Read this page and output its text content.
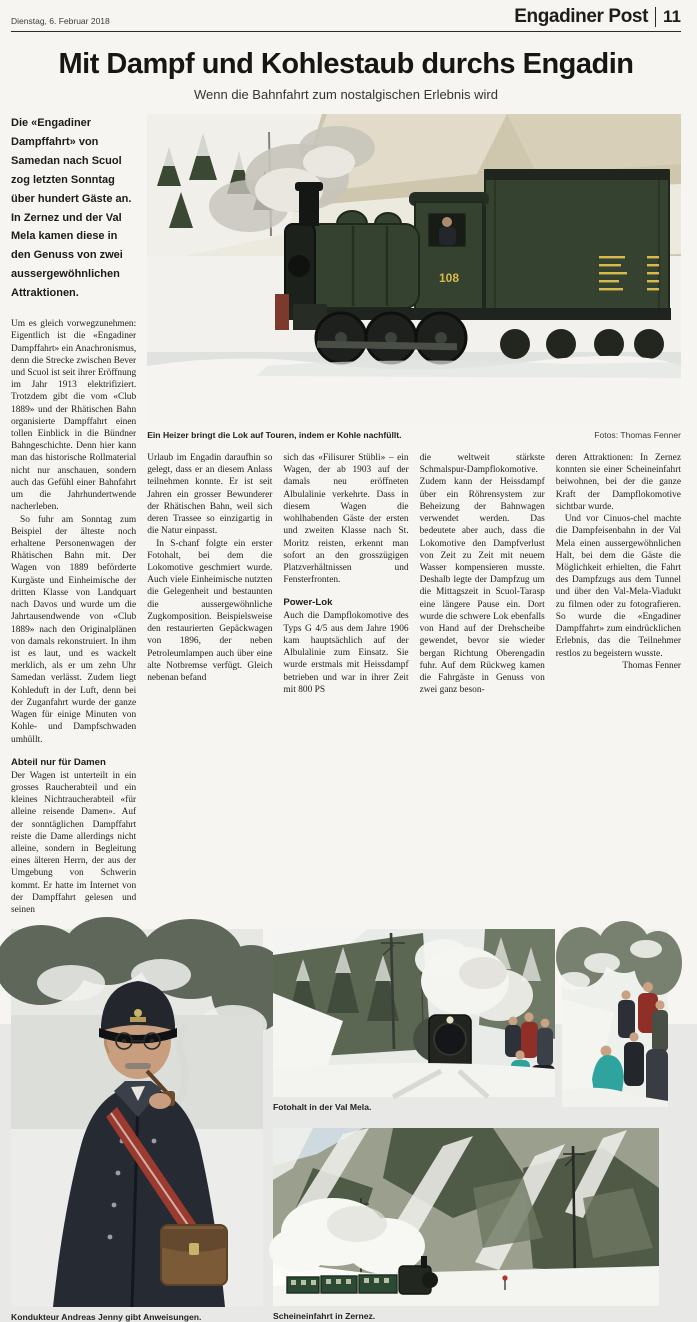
Dienstag, 6. Februar 2018	Engadiner Post 11
Mit Dampf und Kohlestaub durchs Engadin

Wenn die Bahnfahrt zum nostalgischen Erlebnis wird

Die «Engadiner Dampffahrt» von Samedan nach Scuol zog letzten Sonntag über hundert Gäste an. In Zernez und der Val Mela kamen diese in den Genuss von zwei aussergewöhnlichen Attraktionen.

Um es gleich vorwegzunehmen: Eigentlich ist die «Engadiner Dampffahrt» ein Anachronismus, denn die Strecke zwischen Bever und Scuol ist seit ihrer Eröffnung im Jahr 1913 elektrifiziert. Trotzdem gibt die vom «Club 1889» und der Rhätischen Bahn organisierte Dampffahrt einen tollen Einblick in die Bündner Bahngeschichte. Denn hier kann man das historische Rollmaterial nicht nur anschauen, sondern auch das Gefühl einer Bahnfahrt um die Jahrhundertwende nacherleben.

So fuhr am Sonntag zum Beispiel der älteste noch erhaltene Personenwagen der Rhätischen Bahn mit. Der Wagen von 1889 beförderte Kurgäste und Einheimische der dritten Klasse von Landquart nach Davos und wurde um die Jahrtausendwende von «Club 1889» nach den Originalplänen von damals rekonstruiert. In ihm ist es laut, und es wackelt merklich, als er um zehn Uhr Samedan verlässt. Zudem liegt Kohleduft in der Luft, denn bei der Zuganfahrt wurde der ganze Wagen für einige Minuten von Kohle- und Dampfschwaden umhüllt.

Abteil nur für Damen

Der Wagen ist unterteilt in ein grosses Raucherabteil und ein kleines Nichtraucherabteil «für alleine reisende Damen». Auf der sonntäglichen Dampffahrt reiste die Dame allerdings nicht alleine, sondern in Begleitung eines älteren Herrn, der aus der Umgebung von Schwerin kommt. Er hatte im Internet von der Dampffahrt gelesen und seinen

108
Ein Heizer bringt die Lok auf Touren, indem er Kohle nachfüllt.	Fotos: Thomas Fenner

Urlaub im Engadin daraufhin so gelegt, dass er an diesem Anlass teilnehmen konnte. Er ist seit Jahren ein grosser Bewunderer der Rhätischen Bahn, weil sich deren Trassee so einzigartig in die Natur einpasst.

In S-chanf folgte ein erster Fotohalt, bei dem die Lokomotive geschmiert wurde. Auch viele Einheimische nutzten die Gelegenheit und bestaunten die aussergewöhnliche Zugkomposition. Beispielsweise den restaurierten Gepäckwagen von 1896, der neben Petroleumlampen auch über eine alte Notbremse verfügt. Gleich nebenan befand

sich das «Filisurer Stübli» – ein Wagen, der ab 1903 auf der damals neu eröffneten Albulalinie verkehrte. Dass in diesem Wagen die wohlhabenden Gäste der ersten und zweiten Klasse nach St. Moritz reisten, erkennt man sofort an den grosszügigen Platzverhältnissen und Fensterfronten.

Power-Lok

Auch die Dampflokomotive des Typs G 4/5 aus dem Jahre 1906 kam hauptsächlich auf der Albulalinie zum Einsatz. Sie wurde erstmals mit Heissdampf betrieben und war in ihrer Zeit mit 800 PS

die weltweit stärkste Schmalspur-Dampflokomotive. Zudem kann der Heissdampf über ein Röhrensystem zur Beheizung der Bahnwagen verwendet werden. Das bedeutete aber auch, dass die Lokomotive den Dampfverlust von Zeit zu Zeit mit neuem Wasser kompensieren musste. Deshalb legte der Dampfzug um die Mittagszeit in Scuol-Tarasp eine längere Pause ein. Dort wurde die schwere Lok ebenfalls von Hand auf der Drehscheibe gewendet, bevor sie wieder bergan Richtung Oberengadin fuhr. Auf dem Rückweg kamen die Fahrgäste in Genuss von zwei ganz beson-

deren Attraktionen: In Zernez konnten sie einer Scheineinfahrt beiwohnen, bei der die ganze Kraft der Dampflokomotive sichtbar wurde.

Und vor Cinuos-chel machte die Dampfeisenbahn in der Val Mela einen aussergewöhnlichen Halt, bei dem die Gäste die Möglichkeit erhielten, die Fahrt des Dampfzugs aus dem Tunnel und über den Val-Mela-Viadukt zu filmen oder zu fotografieren. So wurde die «Engadiner Dampffahrt» zum eindrücklichen Erlebnis, das die Teilnehmer restlos zu begeistern wusste.
Thomas Fenner

Kondukteur Andreas Jenny gibt Anweisungen.

Fotohalt in der Val Mela.

Scheineinfahrt in Zernez.
